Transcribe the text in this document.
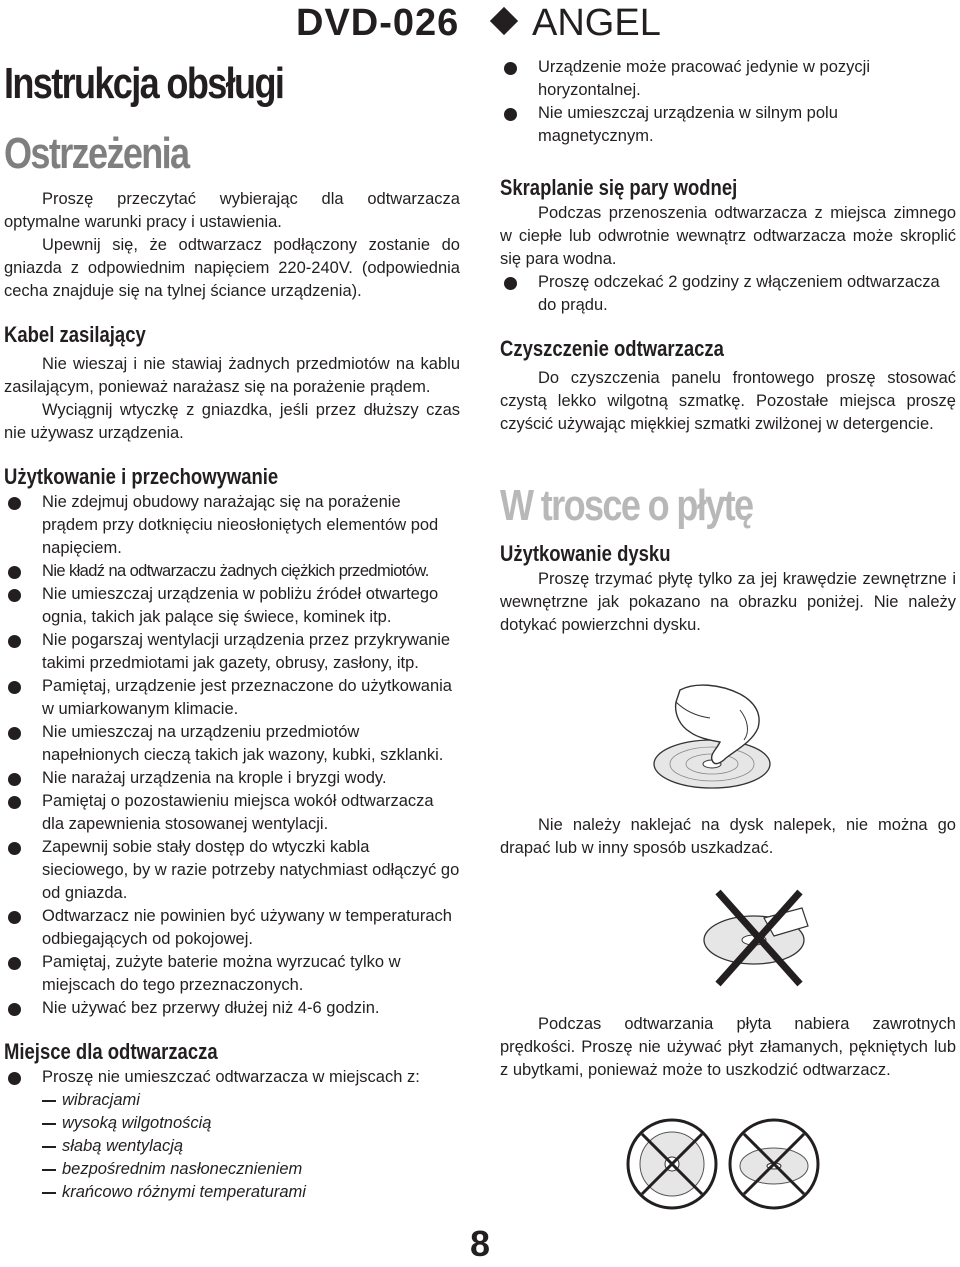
DVD-026 ANGEL
Instrukcja obsługi
Ostrzeżenia

Proszę przeczytać wybierając dla odtwarzacza optymalne warunki pracy i ustawienia.

Upewnij się, że odtwarzacz podłączony zostanie do gniazda z odpowiednim napięciem 220-240V. (odpowiednia cecha znajduje się na tylnej ściance urządzenia).

Kabel zasilający

Nie wieszaj i nie stawiaj żadnych przedmiotów na kablu zasilającym, ponieważ narażasz się na porażenie prądem.

Wyciągnij wtyczkę z gniazdka, jeśli przez dłuższy czas nie używasz urządzenia.

Użytkowanie i przechowywanie
Nie zdejmuj obudowy narażając się na porażenie prądem przy dotknięciu nieosłoniętych elementów pod napięciem.
Nie kładź na odtwarzaczu żadnych ciężkich przedmiotów.
Nie umieszczaj urządzenia w pobliżu źródeł otwartego ognia, takich jak palące się świece, kominek itp.
Nie pogarszaj wentylacji urządzenia przez przykrywanie takimi przedmiotami jak gazety, obrusy, zasłony, itp.
Pamiętaj, urządzenie jest przeznaczone do użytkowania w umiarkowanym klimacie.
Nie umieszczaj na urządzeniu przedmiotów napełnionych cieczą takich jak wazony, kubki, szklanki.
Nie narażaj urządzenia na krople i bryzgi wody.
Pamiętaj o pozostawieniu miejsca wokół odtwarzacza dla zapewnienia stosowanej wentylacji.
Zapewnij sobie stały dostęp do wtyczki kabla sieciowego, by w razie potrzeby natychmiast odłączyć go od gniazda.
Odtwarzacz nie powinien być używany w temperaturach odbiegających od pokojowej.
Pamiętaj, zużyte baterie można wyrzucać tylko w miejscach do tego przeznaczonych.
Nie używać bez przerwy dłużej niż 4-6 godzin.
Miejsce dla odtwarzacza
Proszę nie umieszczać odtwarzacza w miejscach z:
wibracjami
wysoką wilgotnością
słabą wentylacją
bezpośrednim nasłonecznieniem
krańcowo różnymi temperaturami
Urządzenie może pracować jedynie w pozycji horyzontalnej.
Nie umieszczaj urządzenia w silnym polu magnetycznym.
Skraplanie się pary wodnej

Podczas przenoszenia odtwarzacza z miejsca zimnego w ciepłe lub odwrotnie wewnątrz odtwarzacza może skroplić się para wodna.

Proszę odczekać 2 godziny z włączeniem odtwarzacza do prądu.
Czyszczenie odtwarzacza

Do czyszczenia panelu frontowego proszę stosować czystą lekko wilgotną szmatkę. Pozostałe miejsca proszę czyścić używając miękkiej szmatki zwilżonej w detergencie.

W trosce o płytę
Użytkowanie dysku

Proszę trzymać płytę tylko za jej krawędzie zewnętrzne i wewnętrzne jak pokazano na obrazku poniżej. Nie należy dotykać powierzchni dysku.

Nie należy naklejać na dysk nalepek, nie można go drapać lub w inny sposób uszkadzać.

Podczas odtwarzania płyta nabiera zawrotnych prędkości. Proszę nie używać płyt złamanych, pękniętych lub z ubytkami, ponieważ może to uszkodzić odtwarzacz.

8
